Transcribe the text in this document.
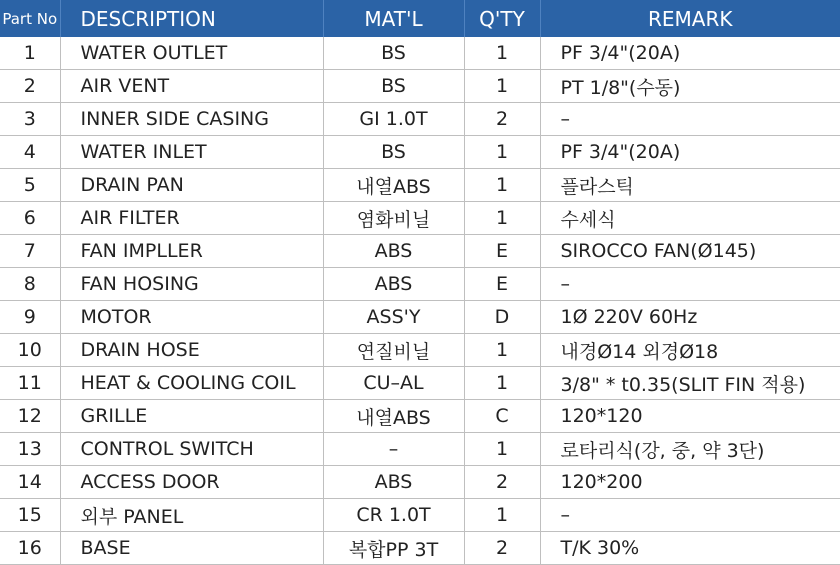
Part No	DESCRIPTION	MAT'L	Q'TY	REMARK
1	WATER OUTLET	BS	1	PF 3/4"(20A)
2	AIR VENT	BS	1	PT 1/8"(수동)
3	INNER SIDE CASING	GI 1.0T	2	–
4	WATER INLET	BS	1	PF 3/4"(20A)
5	DRAIN PAN	내열ABS	1	플라스틱
6	AIR FILTER	염화비닐	1	수세식
7	FAN IMPLLER	ABS	E	SIROCCO FAN(Ø145)
8	FAN HOSING	ABS	E	–
9	MOTOR	ASS'Y	D	1Ø 220V 60Hz
10	DRAIN HOSE	연질비닐	1	내경Ø14 외경Ø18
11	HEAT & COOLING COIL	CU–AL	1	3/8" * t0.35(SLIT FIN 적용)
12	GRILLE	내열ABS	C	120*120
13	CONTROL SWITCH	–	1	로타리식(강, 중, 약 3단)
14	ACCESS DOOR	ABS	2	120*200
15	외부 PANEL	CR 1.0T	1	–
16	BASE	복합PP 3T	2	T/K 30%
